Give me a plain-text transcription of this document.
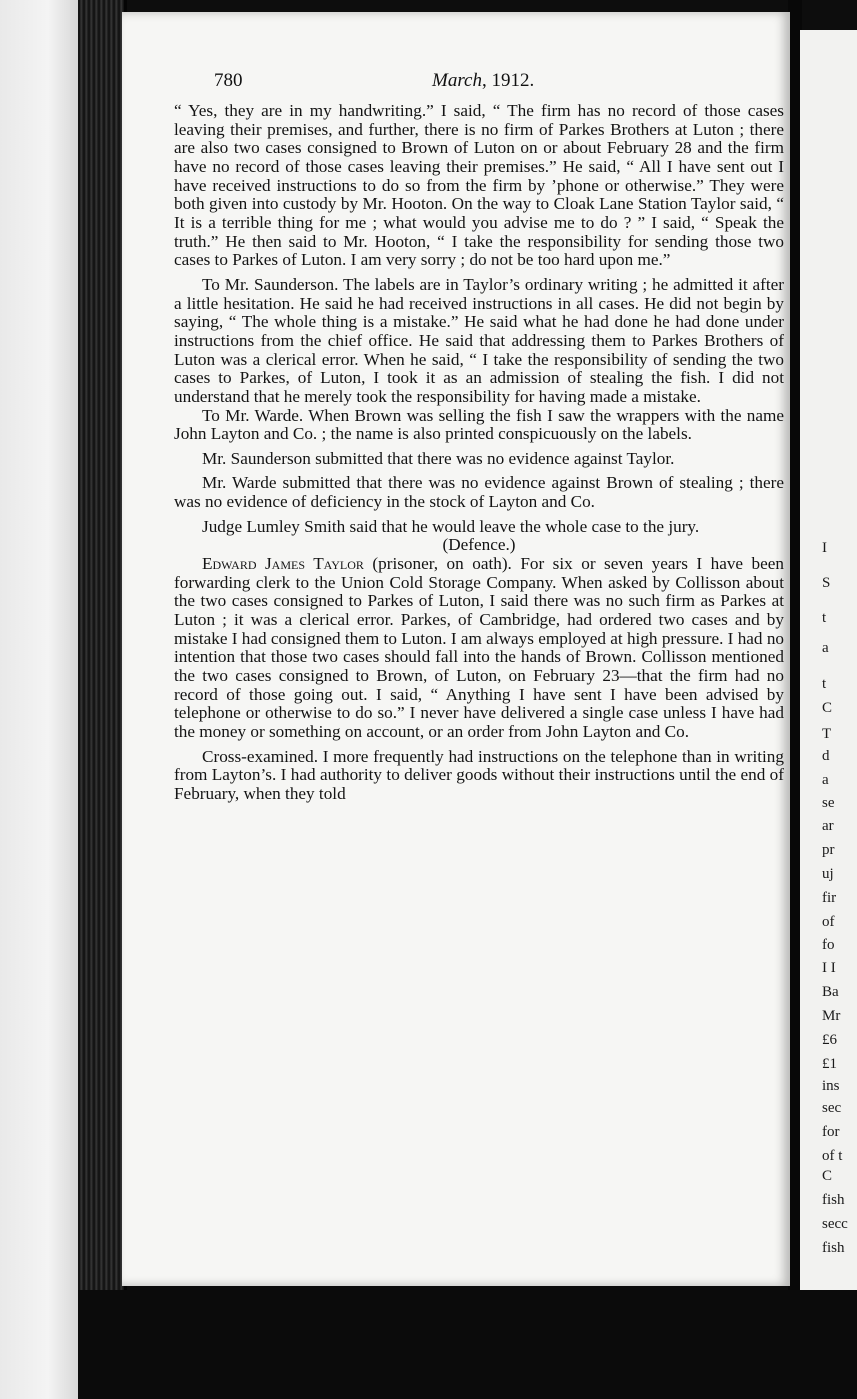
I
S
t
a
t
C
T
d
a
se
ar
pr
uj
fir
of
fo
I I
Ba
Mr
£6
£1
ins
sec
for
of t
C
fish
secc
fish
780	March, 1912.

“ Yes, they are in my handwriting.” I said, “ The firm has no record of those cases leaving their premises, and further, there is no firm of Parkes Brothers at Luton ; there are also two cases consigned to Brown of Luton on or about February 28 and the firm have no record of those cases leaving their premises.” He said, “ All I have sent out I have received instructions to do so from the firm by ’phone or otherwise.” They were both given into custody by Mr. Hooton. On the way to Cloak Lane Station Taylor said, “ It is a terrible thing for me ; what would you advise me to do ? ” I said, “ Speak the truth.” He then said to Mr. Hooton, “ I take the responsibility for sending those two cases to Parkes of Luton. I am very sorry ; do not be too hard upon me.”

To Mr. Saunderson. The labels are in Taylor’s ordinary writing ; he admitted it after a little hesitation. He said he had received instructions in all cases. He did not begin by saying, “ The whole thing is a mistake.” He said what he had done he had done under instructions from the chief office. He said that addressing them to Parkes Brothers of Luton was a clerical error. When he said, “ I take the responsibility of sending the two cases to Parkes, of Luton, I took it as an admission of stealing the fish. I did not understand that he merely took the responsibility for having made a mistake.

To Mr. Warde. When Brown was selling the fish I saw the wrappers with the name John Layton and Co. ; the name is also printed conspicuously on the labels.

Mr. Saunderson submitted that there was no evidence against Taylor.

Mr. Warde submitted that there was no evidence against Brown of stealing ; there was no evidence of deficiency in the stock of Layton and Co.

Judge Lumley Smith said that he would leave the whole case to the jury.

(Defence.)

Edward James Taylor (prisoner, on oath). For six or seven years I have been forwarding clerk to the Union Cold Storage Company. When asked by Collisson about the two cases consigned to Parkes of Luton, I said there was no such firm as Parkes at Luton ; it was a clerical error. Parkes, of Cambridge, had ordered two cases and by mistake I had consigned them to Luton. I am always employed at high pressure. I had no intention that those two cases should fall into the hands of Brown. Collisson mentioned the two cases consigned to Brown, of Luton, on February 23—that the firm had no record of those going out. I said, “ Anything I have sent I have been advised by telephone or otherwise to do so.” I never have delivered a single case unless I have had the money or something on account, or an order from John Layton and Co.

Cross-examined. I more frequently had instructions on the telephone than in writing from Layton’s. I had authority to deliver goods without their instructions until the end of February, when they told
